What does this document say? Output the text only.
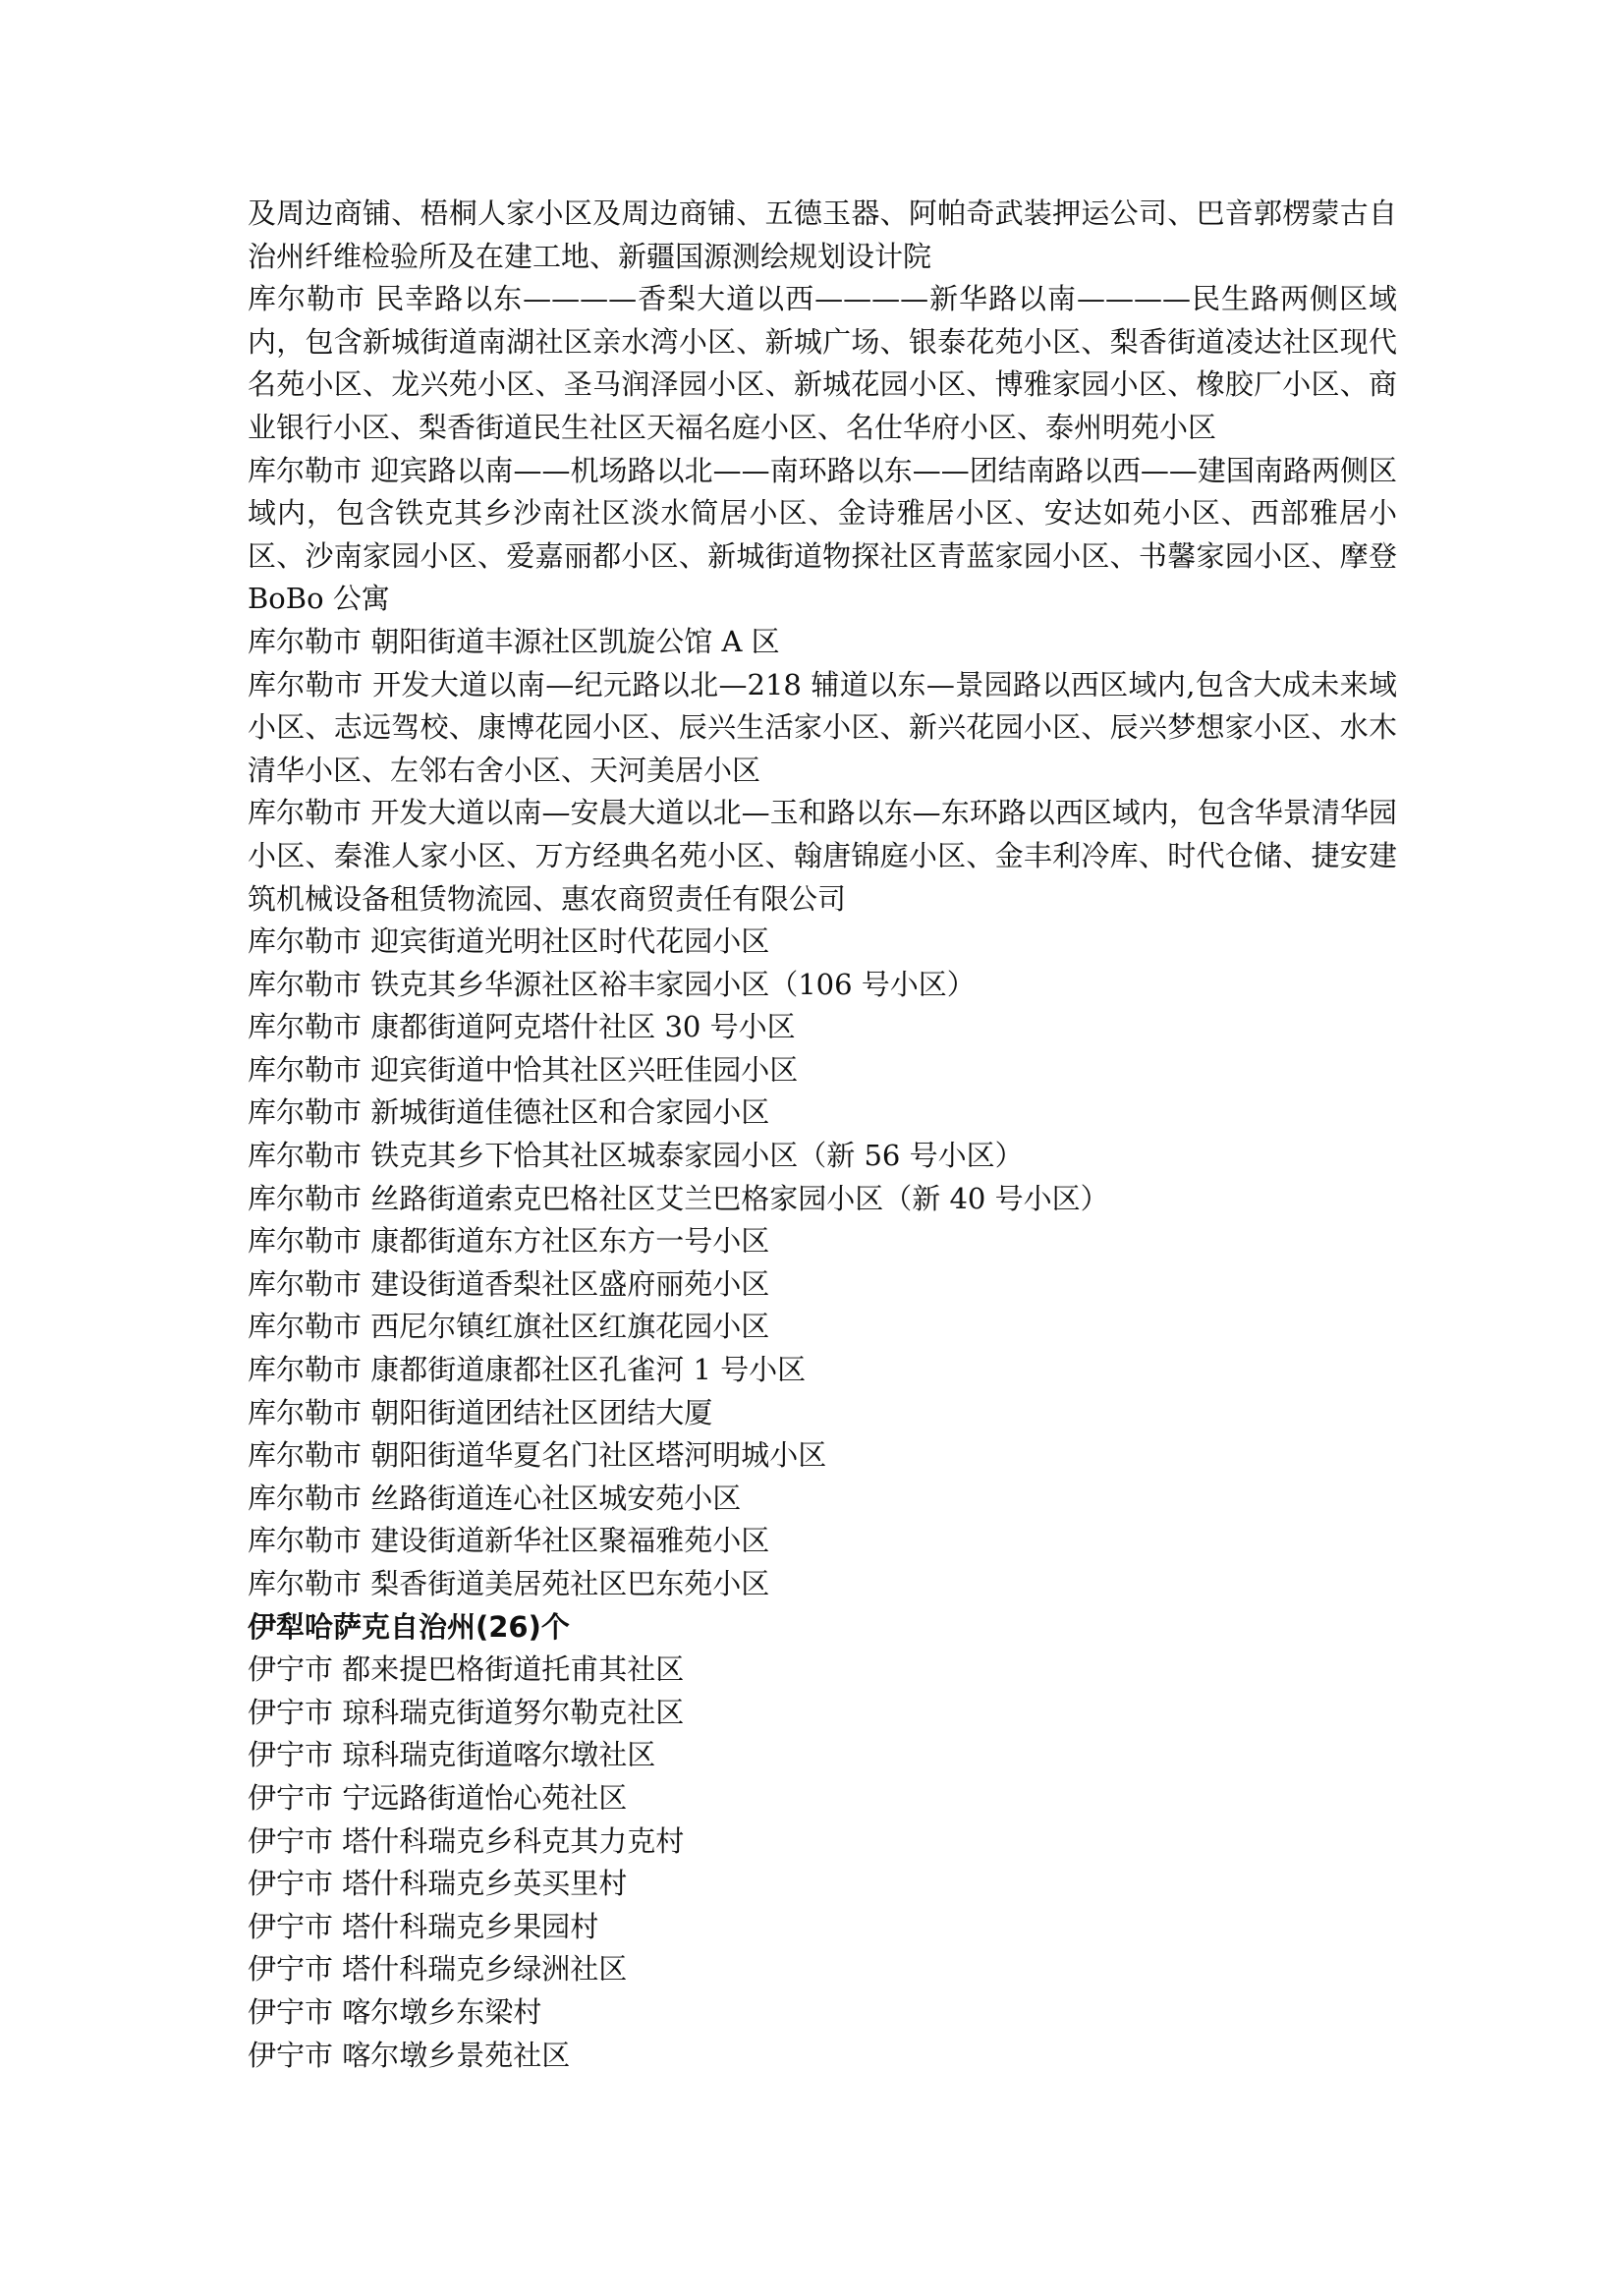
及周边商铺、梧桐人家小区及周边商铺、五德玉器、阿帕奇武装押运公司、巴音郭楞蒙古自治州纤维检验所及在建工地、新疆国源测绘规划设计院

库尔勒市 民幸路以东————香梨大道以西————新华路以南————民生路两侧区域内，包含新城街道南湖社区亲水湾小区、新城广场、银泰花苑小区、梨香街道凌达社区现代名苑小区、龙兴苑小区、圣马润泽园小区、新城花园小区、博雅家园小区、橡胶厂小区、商业银行小区、梨香街道民生社区天福名庭小区、名仕华府小区、泰州明苑小区

库尔勒市 迎宾路以南——机场路以北——南环路以东——团结南路以西——建国南路两侧区域内，包含铁克其乡沙南社区淡水简居小区、金诗雅居小区、安达如苑小区、西部雅居小区、沙南家园小区、爱嘉丽都小区、新城街道物探社区青蓝家园小区、书馨家园小区、摩登 BoBo 公寓

库尔勒市 朝阳街道丰源社区凯旋公馆 A 区

库尔勒市 开发大道以南—纪元路以北—218 辅道以东—景园路以西区域内,包含大成未来域小区、志远驾校、康博花园小区、辰兴生活家小区、新兴花园小区、辰兴梦想家小区、水木清华小区、左邻右舍小区、天河美居小区

库尔勒市 开发大道以南—安晨大道以北—玉和路以东—东环路以西区域内，包含华景清华园小区、秦淮人家小区、万方经典名苑小区、翰唐锦庭小区、金丰利冷库、时代仓储、捷安建筑机械设备租赁物流园、惠农商贸责任有限公司

库尔勒市 迎宾街道光明社区时代花园小区

库尔勒市 铁克其乡华源社区裕丰家园小区（106 号小区）

库尔勒市 康都街道阿克塔什社区 30 号小区

库尔勒市 迎宾街道中恰其社区兴旺佳园小区

库尔勒市 新城街道佳德社区和合家园小区

库尔勒市 铁克其乡下恰其社区城泰家园小区（新 56 号小区）

库尔勒市 丝路街道索克巴格社区艾兰巴格家园小区（新 40 号小区）

库尔勒市 康都街道东方社区东方一号小区

库尔勒市 建设街道香梨社区盛府丽苑小区

库尔勒市 西尼尔镇红旗社区红旗花园小区

库尔勒市 康都街道康都社区孔雀河 1 号小区

库尔勒市 朝阳街道团结社区团结大厦

库尔勒市 朝阳街道华夏名门社区塔河明城小区

库尔勒市 丝路街道连心社区城安苑小区

库尔勒市 建设街道新华社区聚福雅苑小区

库尔勒市 梨香街道美居苑社区巴东苑小区

伊犁哈萨克自治州(26)个

伊宁市 都来提巴格街道托甫其社区

伊宁市 琼科瑞克街道努尔勒克社区

伊宁市 琼科瑞克街道喀尔墩社区

伊宁市 宁远路街道怡心苑社区

伊宁市 塔什科瑞克乡科克其力克村

伊宁市 塔什科瑞克乡英买里村

伊宁市 塔什科瑞克乡果园村

伊宁市 塔什科瑞克乡绿洲社区

伊宁市 喀尔墩乡东梁村

伊宁市 喀尔墩乡景苑社区
